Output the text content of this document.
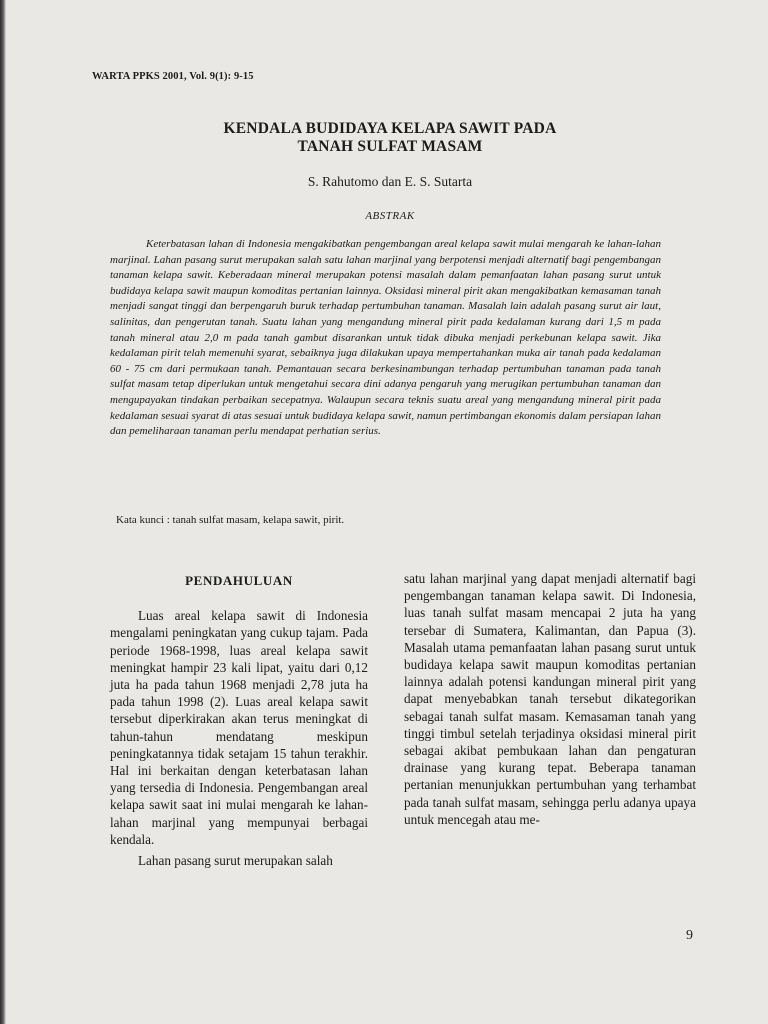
WARTA PPKS 2001, Vol. 9(1): 9-15
KENDALA BUDIDAYA KELAPA SAWIT PADA
TANAH SULFAT MASAM
S. Rahutomo dan E. S. Sutarta
ABSTRAK

Keterbatasan lahan di Indonesia mengakibatkan pengembangan areal kelapa sawit mulai mengarah ke lahan-lahan marjinal. Lahan pasang surut merupakan salah satu lahan marjinal yang berpotensi menjadi alternatif bagi pengembangan tanaman kelapa sawit. Keberadaan mineral merupakan potensi masalah dalam pemanfaatan lahan pasang surut untuk budidaya kelapa sawit maupun komoditas pertanian lainnya. Oksidasi mineral pirit akan mengakibatkan kemasaman tanah menjadi sangat tinggi dan berpengaruh buruk terhadap pertumbuhan tanaman. Masalah lain adalah pasang surut air laut, salinitas, dan pengerutan tanah. Suatu lahan yang mengandung mineral pirit pada kedalaman kurang dari 1,5 m pada tanah mineral atau 2,0 m pada tanah gambut disarankan untuk tidak dibuka menjadi perkebunan kelapa sawit. Jika kedalaman pirit telah memenuhi syarat, sebaiknya juga dilakukan upaya mempertahankan muka air tanah pada kedalaman 60 - 75 cm dari permukaan tanah. Pemantauan secara berkesinambungan terhadap pertumbuhan tanaman pada tanah sulfat masam tetap diperlukan untuk mengetahui secara dini adanya pengaruh yang merugikan pertumbuhan tanaman dan mengupayakan tindakan perbaikan secepatnya. Walaupun secara teknis suatu areal yang mengandung mineral pirit pada kedalaman sesuai syarat di atas sesuai untuk budidaya kelapa sawit, namun pertimbangan ekonomis dalam persiapan lahan dan pemeliharaan tanaman perlu mendapat perhatian serius.

Kata kunci : tanah sulfat masam, kelapa sawit, pirit.
PENDAHULUAN

Luas areal kelapa sawit di Indonesia mengalami peningkatan yang cukup tajam. Pada periode 1968-1998, luas areal kelapa sawit meningkat hampir 23 kali lipat, yaitu dari 0,12 juta ha pada tahun 1968 menjadi 2,78 juta ha pada tahun 1998 (2). Luas areal kelapa sawit tersebut diperkirakan akan terus meningkat di tahun-tahun mendatang meskipun peningkatannya tidak setajam 15 tahun terakhir. Hal ini berkaitan dengan keterbatasan lahan yang tersedia di Indonesia. Pengembangan areal kelapa sawit saat ini mulai mengarah ke lahan-lahan marjinal yang mempunyai berbagai kendala.

Lahan pasang surut merupakan salah

satu lahan marjinal yang dapat menjadi alternatif bagi pengembangan tanaman kelapa sawit. Di Indonesia, luas tanah sulfat masam mencapai 2 juta ha yang tersebar di Sumatera, Kalimantan, dan Papua (3). Masalah utama pemanfaatan lahan pasang surut untuk budidaya kelapa sawit maupun komoditas pertanian lainnya adalah potensi kandungan mineral pirit yang dapat menyebabkan tanah tersebut dikategorikan sebagai tanah sulfat masam. Kemasaman tanah yang tinggi timbul setelah terjadinya oksidasi mineral pirit sebagai akibat pembukaan lahan dan pengaturan drainase yang kurang tepat. Beberapa tanaman pertanian menunjukkan pertumbuhan yang terhambat pada tanah sulfat masam, sehingga perlu adanya upaya untuk mencegah atau me-

9
